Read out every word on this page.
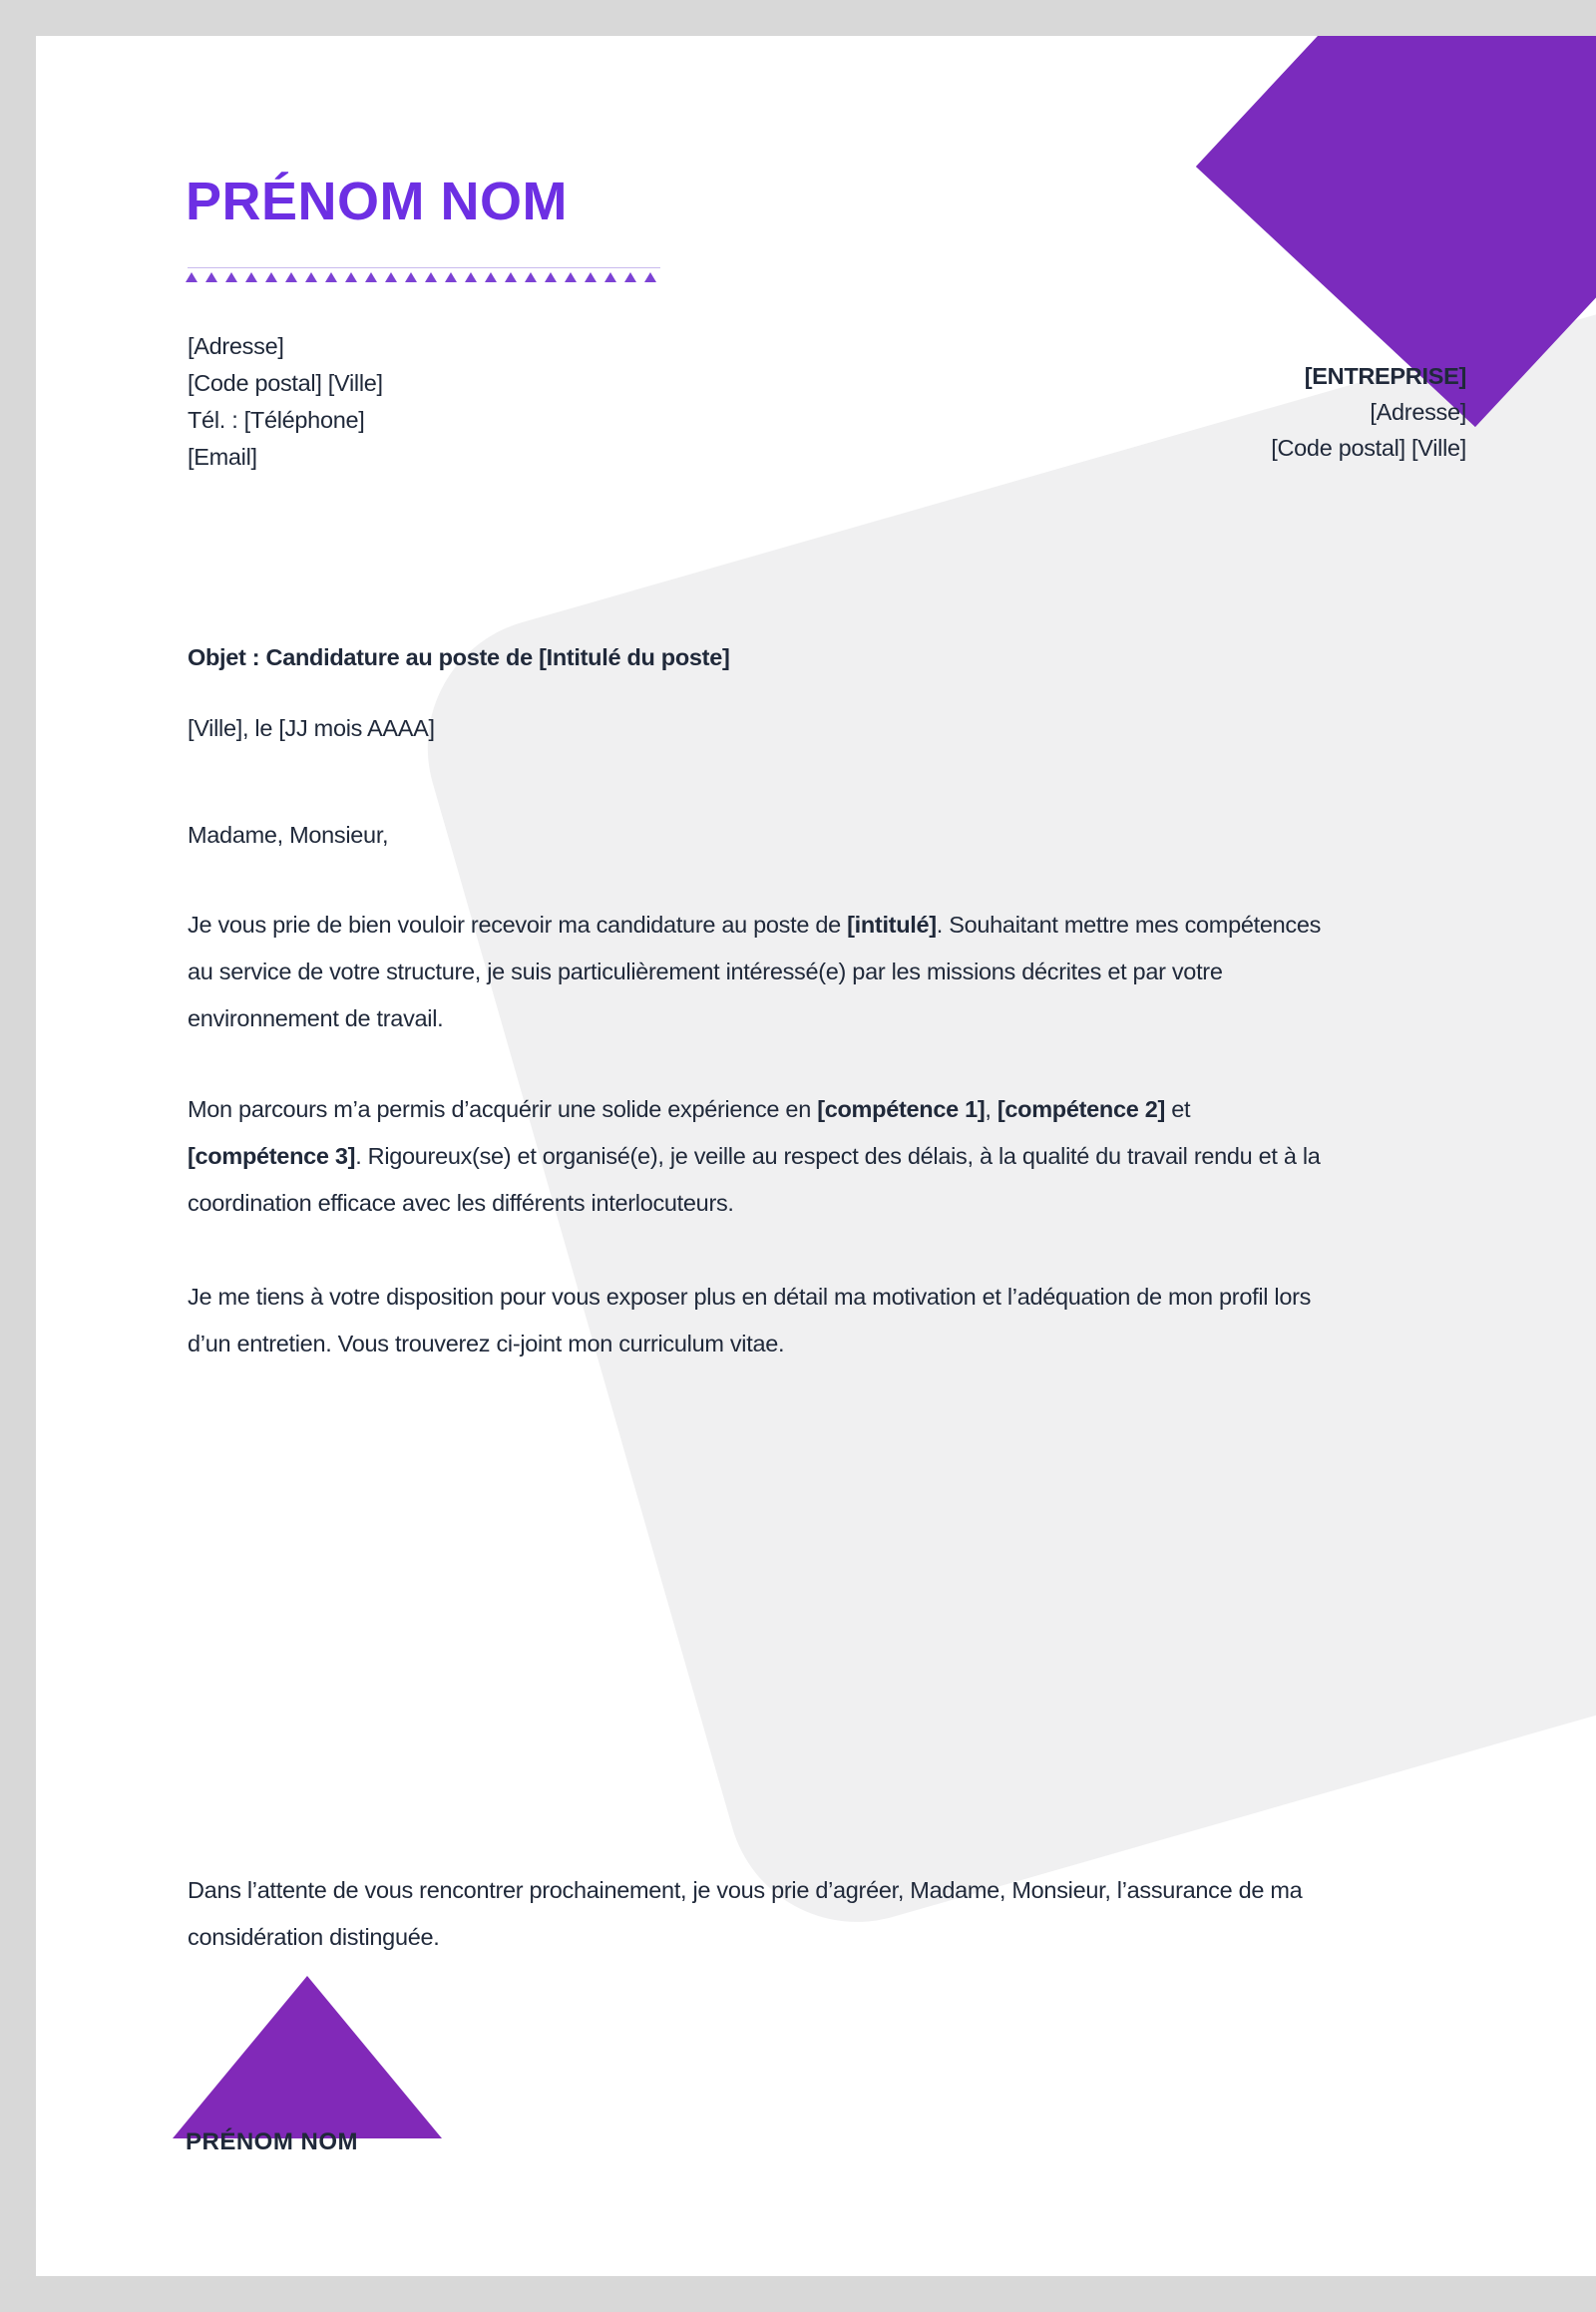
PRÉNOM NOM
[Adresse]
[Code postal] [Ville]
Tél. : [Téléphone]
[Email]
[ENTREPRISE]
[Adresse]
[Code postal] [Ville]
Objet : Candidature au poste de [Intitulé du poste]
[Ville], le [JJ mois AAAA]
Madame, Monsieur,
Je vous prie de bien vouloir recevoir ma candidature au poste de [intitulé]. Souhaitant mettre mes compétences
au service de votre structure, je suis particulièrement intéressé(e) par les missions décrites et par votre
environnement de travail.
Mon parcours m’a permis d’acquérir une solide expérience en [compétence 1], [compétence 2] et
[compétence 3]. Rigoureux(se) et organisé(e), je veille au respect des délais, à la qualité du travail rendu et à la
coordination efficace avec les différents interlocuteurs.
Je me tiens à votre disposition pour vous exposer plus en détail ma motivation et l’adéquation de mon profil lors
d’un entretien. Vous trouverez ci-joint mon curriculum vitae.
Dans l’attente de vous rencontrer prochainement, je vous prie d’agréer, Madame, Monsieur, l’assurance de ma
considération distinguée.
PRÉNOM NOM
